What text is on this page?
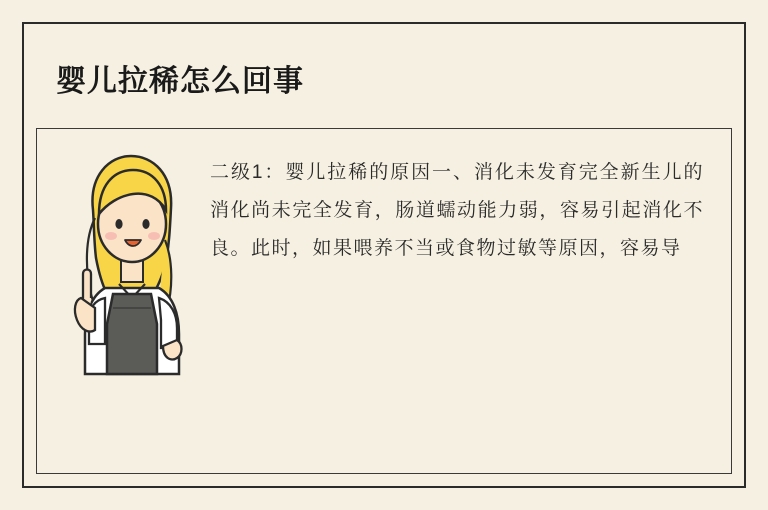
婴儿拉稀怎么回事
二级1：婴儿拉稀的原因一、消化未发育完全新生儿的消化尚未完全发育，肠道蠕动能力弱，容易引起消化不良。此时，如果喂养不当或食物过敏等原因，容易导
